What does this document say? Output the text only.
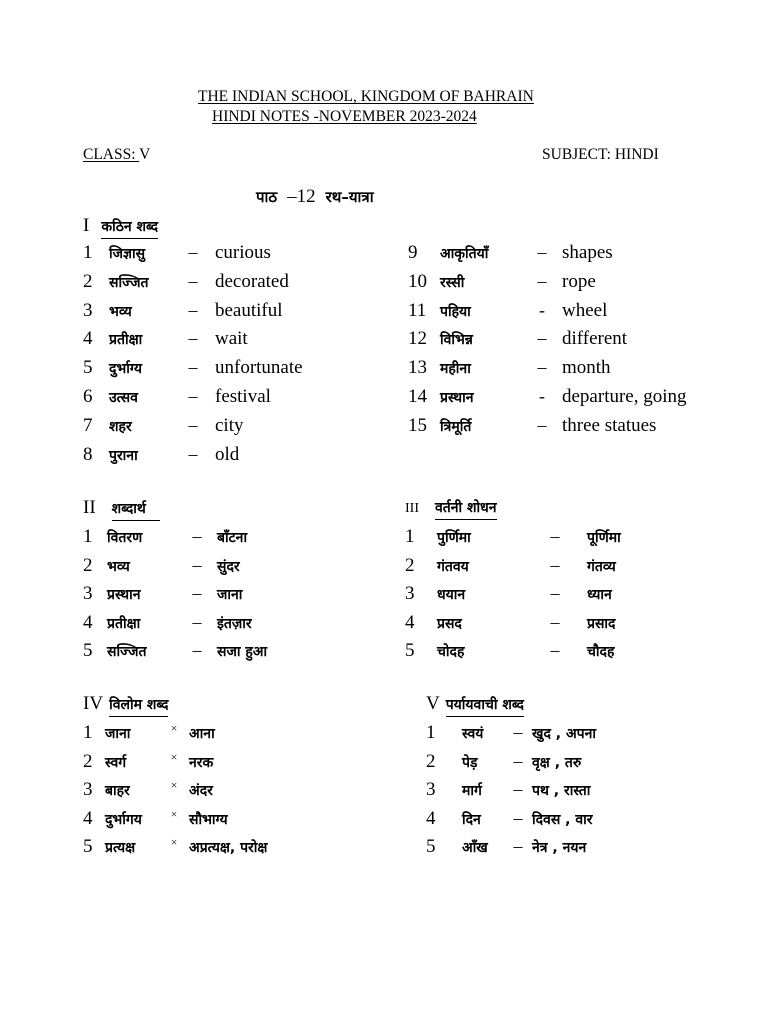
THE INDIAN SCHOOL, KINGDOM OF BAHRAIN
HINDI NOTES -NOVEMBER 2023-2024
CLASS: V	SUBJECT: HINDI
पाठ –12 रथ–यात्रा
I कठिन शब्द
1	जिज्ञासु	– curious
2	सज्जित	– decorated
3	भव्य	– beautiful
4	प्रतीक्षा	– wait
5	दुर्भाग्य	– unfortunate
6	उत्सव	– festival
7	शहर	– city
8	पुराना	– old
9	आकृतियाँ	– shapes
10 रस्सी	– rope
11 पहिया	- wheel
12 विभिन्न	– different
13 महीना	– month
14 प्रस्थान	- departure, going
15 त्रिमूर्ति	– three statues
II शब्दार्थ
1	वितरण	–	बाँटना
2	भव्य	–	सुंदर
3	प्रस्थान	–	जाना
4	प्रतीक्षा	–	इंतज़ार
5	सज्जित	–	सजा हुआ
III वर्तनी शोधन
1	पुर्णिमा	–	पूर्णिमा
2	गंतवय	–	गंतव्य
3	धयान	–	ध्यान
4	प्रसद	–	प्रसाद
5	चोदह	–	चौदह
IV विलोम शब्द
1 जाना	× आना
2 स्वर्ग	× नरक
3 बाहर	× अंदर
4 दुर्भागय	× सौभाग्य
5 प्रत्यक्ष	× अप्रत्यक्ष, परोक्ष
V पर्यायवाची शब्द
1	स्वयं	– खुद , अपना
2	पेड़	– वृक्ष , तरु
3	मार्ग	– पथ , रास्ता
4	दिन	– दिवस , वार
5	आँख	– नेत्र , नयन
